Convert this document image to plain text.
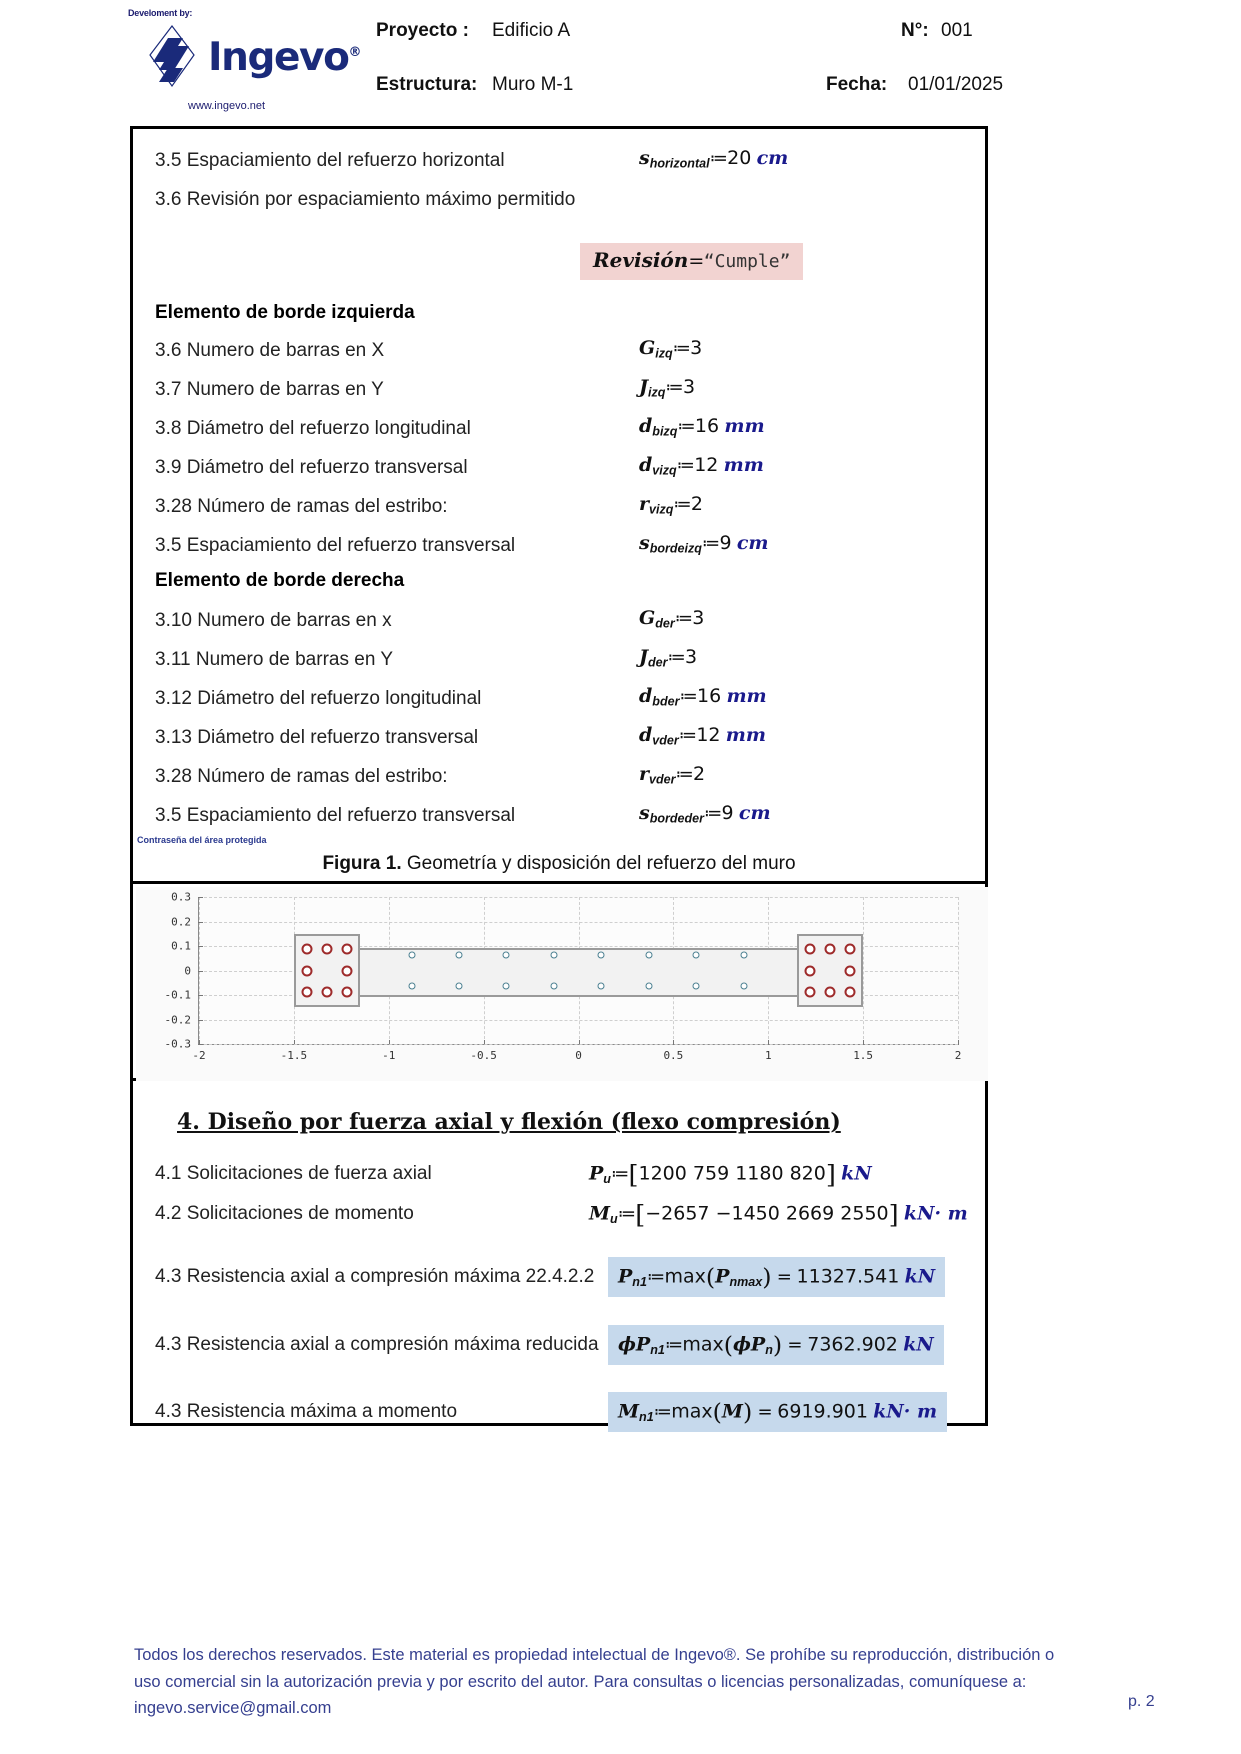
Develoment by:
Ingevo®
www.ingevo.net
Proyecto : Edificio A	N°: 001
Estructura: Muro M-1	Fecha: 01/01/2025
3.5 Espaciamiento del refuerzo horizontal	$s_{horizontal}≔20$ cm
3.6 Revisión por espaciamiento máximo permitido
Revisión=“Cumple”
Elemento de borde izquierda
3.6 Numero de barras en X	$G_{izq}≔3$
3.7 Numero de barras en Y	$J_{izq}≔3$
3.8 Diámetro del refuerzo longitudinal	$d_{bizq}≔16$ mm
3.9 Diámetro del refuerzo transversal	$d_{vizq}≔12$ mm
3.28 Número de ramas del estribo:	$r_{vizq}≔2$
3.5 Espaciamiento del refuerzo transversal	$s_{bordeizq}≔9$ cm
Elemento de borde derecha
3.10 Numero de barras en x	$G_{der}≔3$
3.11 Numero de barras en Y	$J_{der}≔3$
3.12 Diámetro del refuerzo longitudinal	$d_{bder}≔16$ mm
3.13 Diámetro del refuerzo transversal	$d_{vder}≔12$ mm
3.28 Número de ramas del estribo:	$r_{vder}≔2$
3.5 Espaciamiento del refuerzo transversal	$s_{bordeder}≔9$ cm
Contraseña del área protegida
Figura 1. Geometría y disposición del refuerzo del muro
-2	-1.5	-1	-0.5	0	0.5	1	1.5	2
-0.3
-0.2
-0.1
0
0.1
0.2
0.3
4. Diseño por fuerza axial y flexión (flexo compresión)
4.1 Solicitaciones de fuerza axial	$P_u≔[1200$ 759 1180 820] kN
4.2 Solicitaciones de momento	$M_u≔[-2657 -1450$ 2669 2550] kN· m
4.3 Resistencia axial a compresión máxima 22.4.2.2	$P_{n1}≔\max(P_{nmax}) = 11327.541$ kN
4.3 Resistencia axial a compresión máxima reducida	$\phi P_{n1}≔\max(\phi P_n) = 7362.902$ kN
4.3 Resistencia máxima a momento	$M_{n1}≔\max(M) = 6919.901$ kN· m
Todos los derechos reservados. Este material es propiedad intelectual de Ingevo®. Se prohíbe su reproducción, distribución o
uso comercial sin la autorización previa y por escrito del autor. Para consultas o licencias personalizadas, comuníquese a:
ingevo.service@gmail.com	p. 2
